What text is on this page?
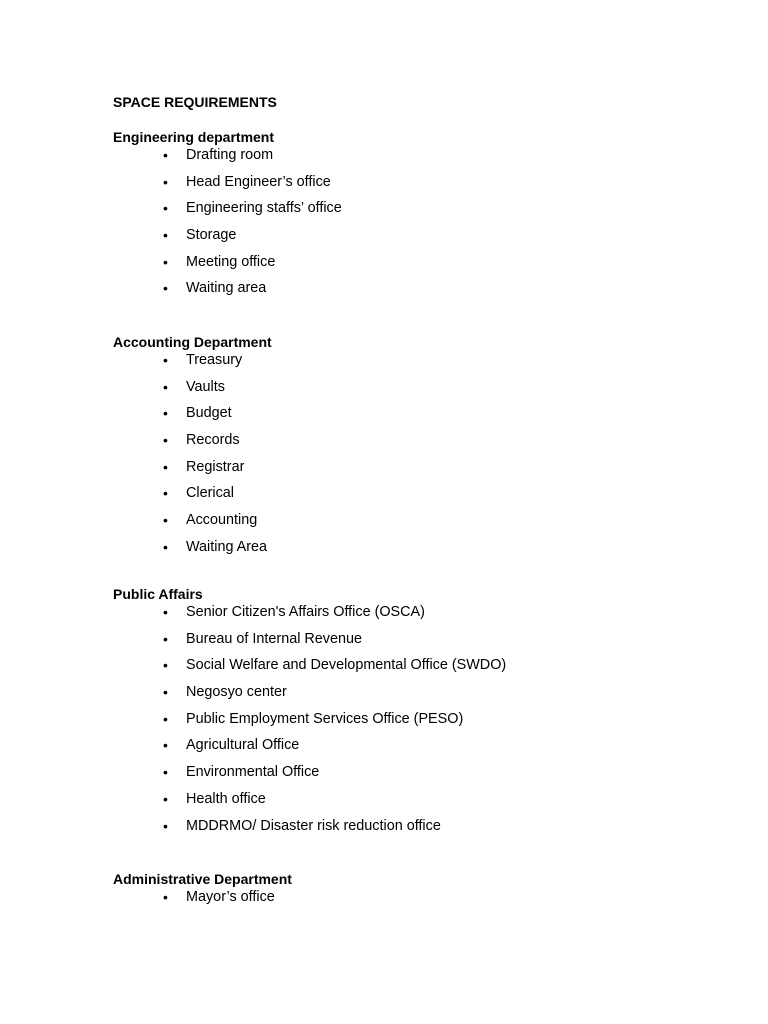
SPACE REQUIREMENTS
Engineering department
• Drafting room
• Head Engineer’s office
• Engineering staffs’ office
• Storage
• Meeting office
• Waiting area
Accounting Department
• Treasury
• Vaults
• Budget
• Records
• Registrar
• Clerical
• Accounting
• Waiting Area
Public Affairs
• Senior Citizen's Affairs Office (OSCA)
• Bureau of Internal Revenue
• Social Welfare and Developmental Office (SWDO)
• Negosyo center
• Public Employment Services Office (PESO)
• Agricultural Office
• Environmental Office
• Health office
• MDDRMO/ Disaster risk reduction office
Administrative Department
• Mayor’s office
